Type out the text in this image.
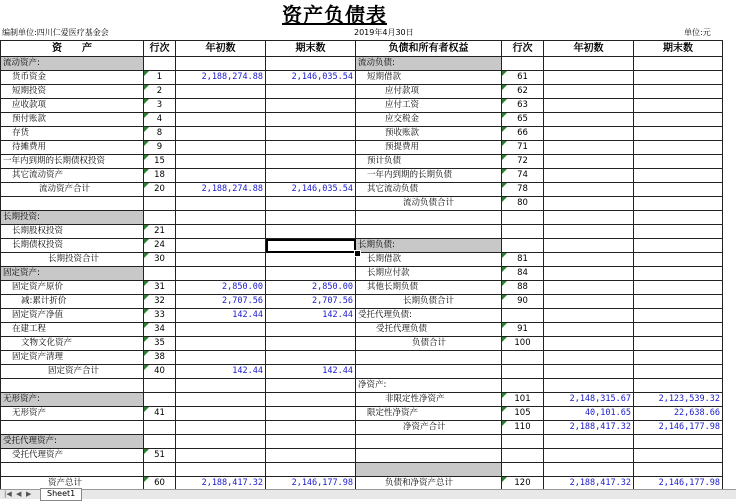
资产负债表
编制单位:四川仁爱医疗基金会	2019年4月30日	单位:元
资　　产	行次	年初数	期末数	负债和所有者权益	行次	年初数	期末数
流动资产:				流动负债:			
货币资金	1	2,188,274.88	2,146,035.54	短期借款	61		
短期投资	2			应付款项	62		
应收款项	3			应付工资	63		
预付账款	4			应交税金	65		
存货	8			预收账款	66		
待摊费用	9			预提费用	71		
一年内到期的长期债权投资	15			预计负债	72		
其它流动资产	18			一年内到期的长期负债	74		
流动资产合计	20	2,188,274.88	2,146,035.54	其它流动负债	78		
				流动负债合计	80		
长期投资:							
长期股权投资	21						
长期债权投资	24			长期负债:			
长期投资合计	30			长期借款	81		
固定资产:				长期应付款	84		
固定资产原价	31	2,850.00	2,850.00	其他长期负债	88		
减:累计折价	32	2,707.56	2,707.56	长期负债合计	90		
固定资产净值	33	142.44	142.44	受托代理负债:			
在建工程	34			受托代理负债	91		
文物文化资产	35			负债合计	100		
固定资产清理	38						
固定资产合计	40	142.44	142.44				
				净资产:			
无形资产:				非限定性净资产	101	2,148,315.67	2,123,539.32
无形资产	41			限定性净资产	105	40,101.65	22,638.66
				净资产合计	110	2,188,417.32	2,146,177.98
受托代理资产:							
受托代理资产	51						

资产总计	60	2,188,417.32	2,146,177.98	负债和净资产总计	120	2,188,417.32	2,146,177.98
|◀ ◀ ▶	Sheet1
